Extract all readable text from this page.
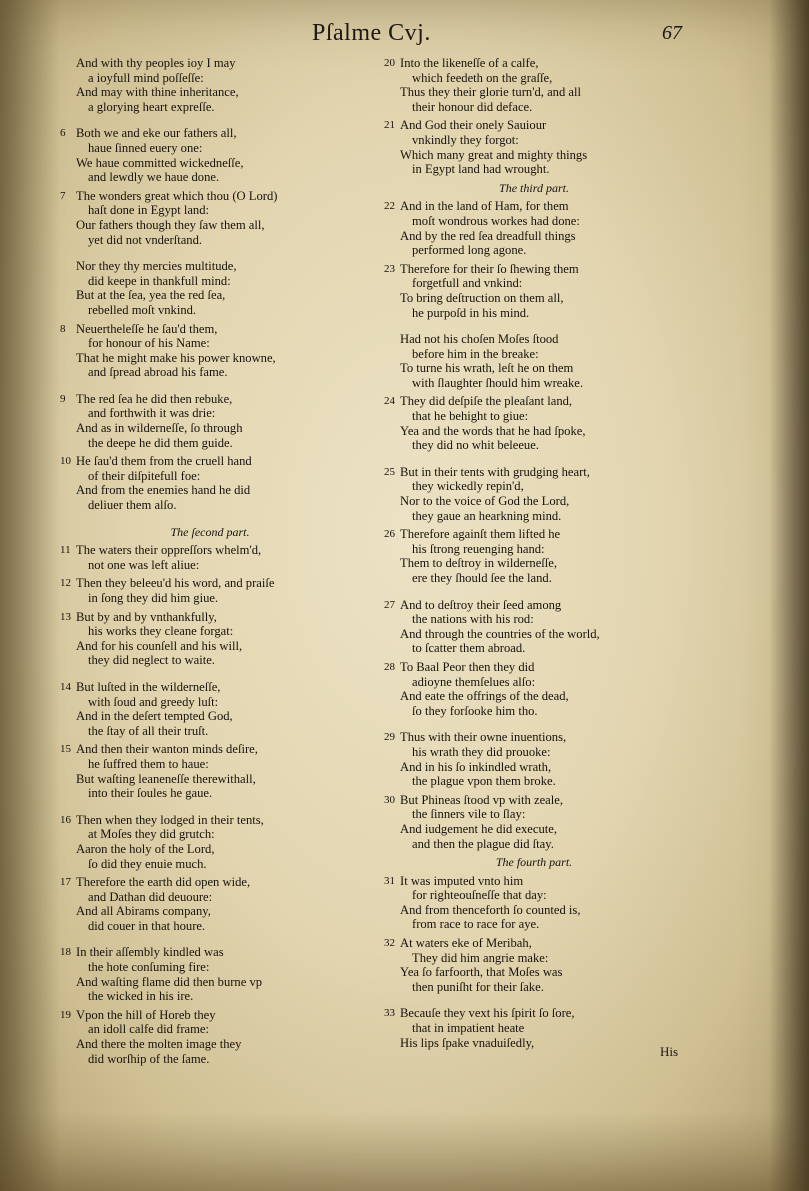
Pſalme Cvj.	67
And with thy peoples ioy I may
a ioyfull mind poſſeſſe:
And may with thine inheritance,
a glorying heart expreſſe.
6 Both we and eke our fathers all,
haue ſinned euery one:
We haue committed wickedneſſe,
and lewdly we haue done.
7 The wonders great which thou (O Lord)
haſt done in Egypt land:
Our fathers though they ſaw them all,
yet did not vnderſtand.
Nor they thy mercies multitude,
did keepe in thankfull mind:
But at the ſea, yea the red ſea,
rebelled moſt vnkind.
8 Neuertheleſſe he ſau'd them,
for honour of his Name:
That he might make his power knowne,
and ſpread abroad his fame.
9 The red ſea he did then rebuke,
and forthwith it was drie:
And as in wilderneſſe, ſo through
the deepe he did them guide.
10 He ſau'd them from the cruell hand
of their diſpitefull foe:
And from the enemies hand he did
deliuer them alſo.
The ſecond part.
11 The waters their oppreſſors whelm'd,
not one was left aliue:
12 Then they beleeu'd his word, and praiſe
in ſong they did him giue.
13 But by and by vnthankfully,
his works they cleane forgat:
And for his counſell and his will,
they did neglect to waite.
14 But luſted in the wilderneſſe,
with ſoud and greedy luſt:
And in the deſert tempted God,
the ſtay of all their truſt.
15 And then their wanton minds deſire,
he ſuffred them to haue:
But waſting leaneneſſe therewithall,
into their ſoules he gaue.
16 Then when they lodged in their tents,
at Moſes they did grutch:
Aaron the holy of the Lord,
ſo did they enuie much.
17 Therefore the earth did open wide,
and Dathan did deuoure:
And all Abirams company,
did couer in that houre.
18 In their aſſembly kindled was
the hote conſuming fire:
And waſting flame did then burne vp
the wicked in his ire.
19 Vpon the hill of Horeb they
an idoll calfe did frame:
And there the molten image they
did worſhip of the ſame.
20 Into the likeneſſe of a calfe,
which feedeth on the graſſe,
Thus they their glorie turn'd, and all
their honour did deface.
21 And God their onely Sauiour
vnkindly they forgot:
Which many great and mighty things
in Egypt land had wrought.
The third part.
22 And in the land of Ham, for them
moſt wondrous workes had done:
And by the red ſea dreadfull things
performed long agone.
23 Therefore for their ſo ſhewing them
forgetfull and vnkind:
To bring deſtruction on them all,
he purpoſd in his mind.
Had not his choſen Moſes ſtood
before him in the breake:
To turne his wrath, leſt he on them
with ſlaughter ſhould him wreake.
24 They did deſpiſe the pleaſant land,
that he behight to giue:
Yea and the words that he had ſpoke,
they did no whit beleeue.
25 But in their tents with grudging heart,
they wickedly repin'd,
Nor to the voice of God the Lord,
they gaue an hearkning mind.
26 Therefore againſt them lifted he
his ſtrong reuenging hand:
Them to deſtroy in wilderneſſe,
ere they ſhould ſee the land.
27 And to deſtroy their ſeed among
the nations with his rod:
And through the countries of the world,
to ſcatter them abroad.
28 To Baal Peor then they did
adioyne themſelues alſo:
And eate the offrings of the dead,
ſo they forſooke him tho.
29 Thus with their owne inuentions,
his wrath they did prouoke:
And in his ſo inkindled wrath,
the plague vpon them broke.
30 But Phineas ſtood vp with zeale,
the ſinners vile to ſlay:
And iudgement he did execute,
and then the plague did ſtay.
The fourth part.
31 It was imputed vnto him
for righteouſneſſe that day:
And from thenceforth ſo counted is,
from race to race for aye.
32 At waters eke of Meribah,
They did him angrie make:
Yea ſo farfoorth, that Moſes was
then puniſht for their ſake.
33 Becauſe they vext his ſpirit ſo ſore,
that in impatient heate
His lips ſpake vnaduiſedly,
His
